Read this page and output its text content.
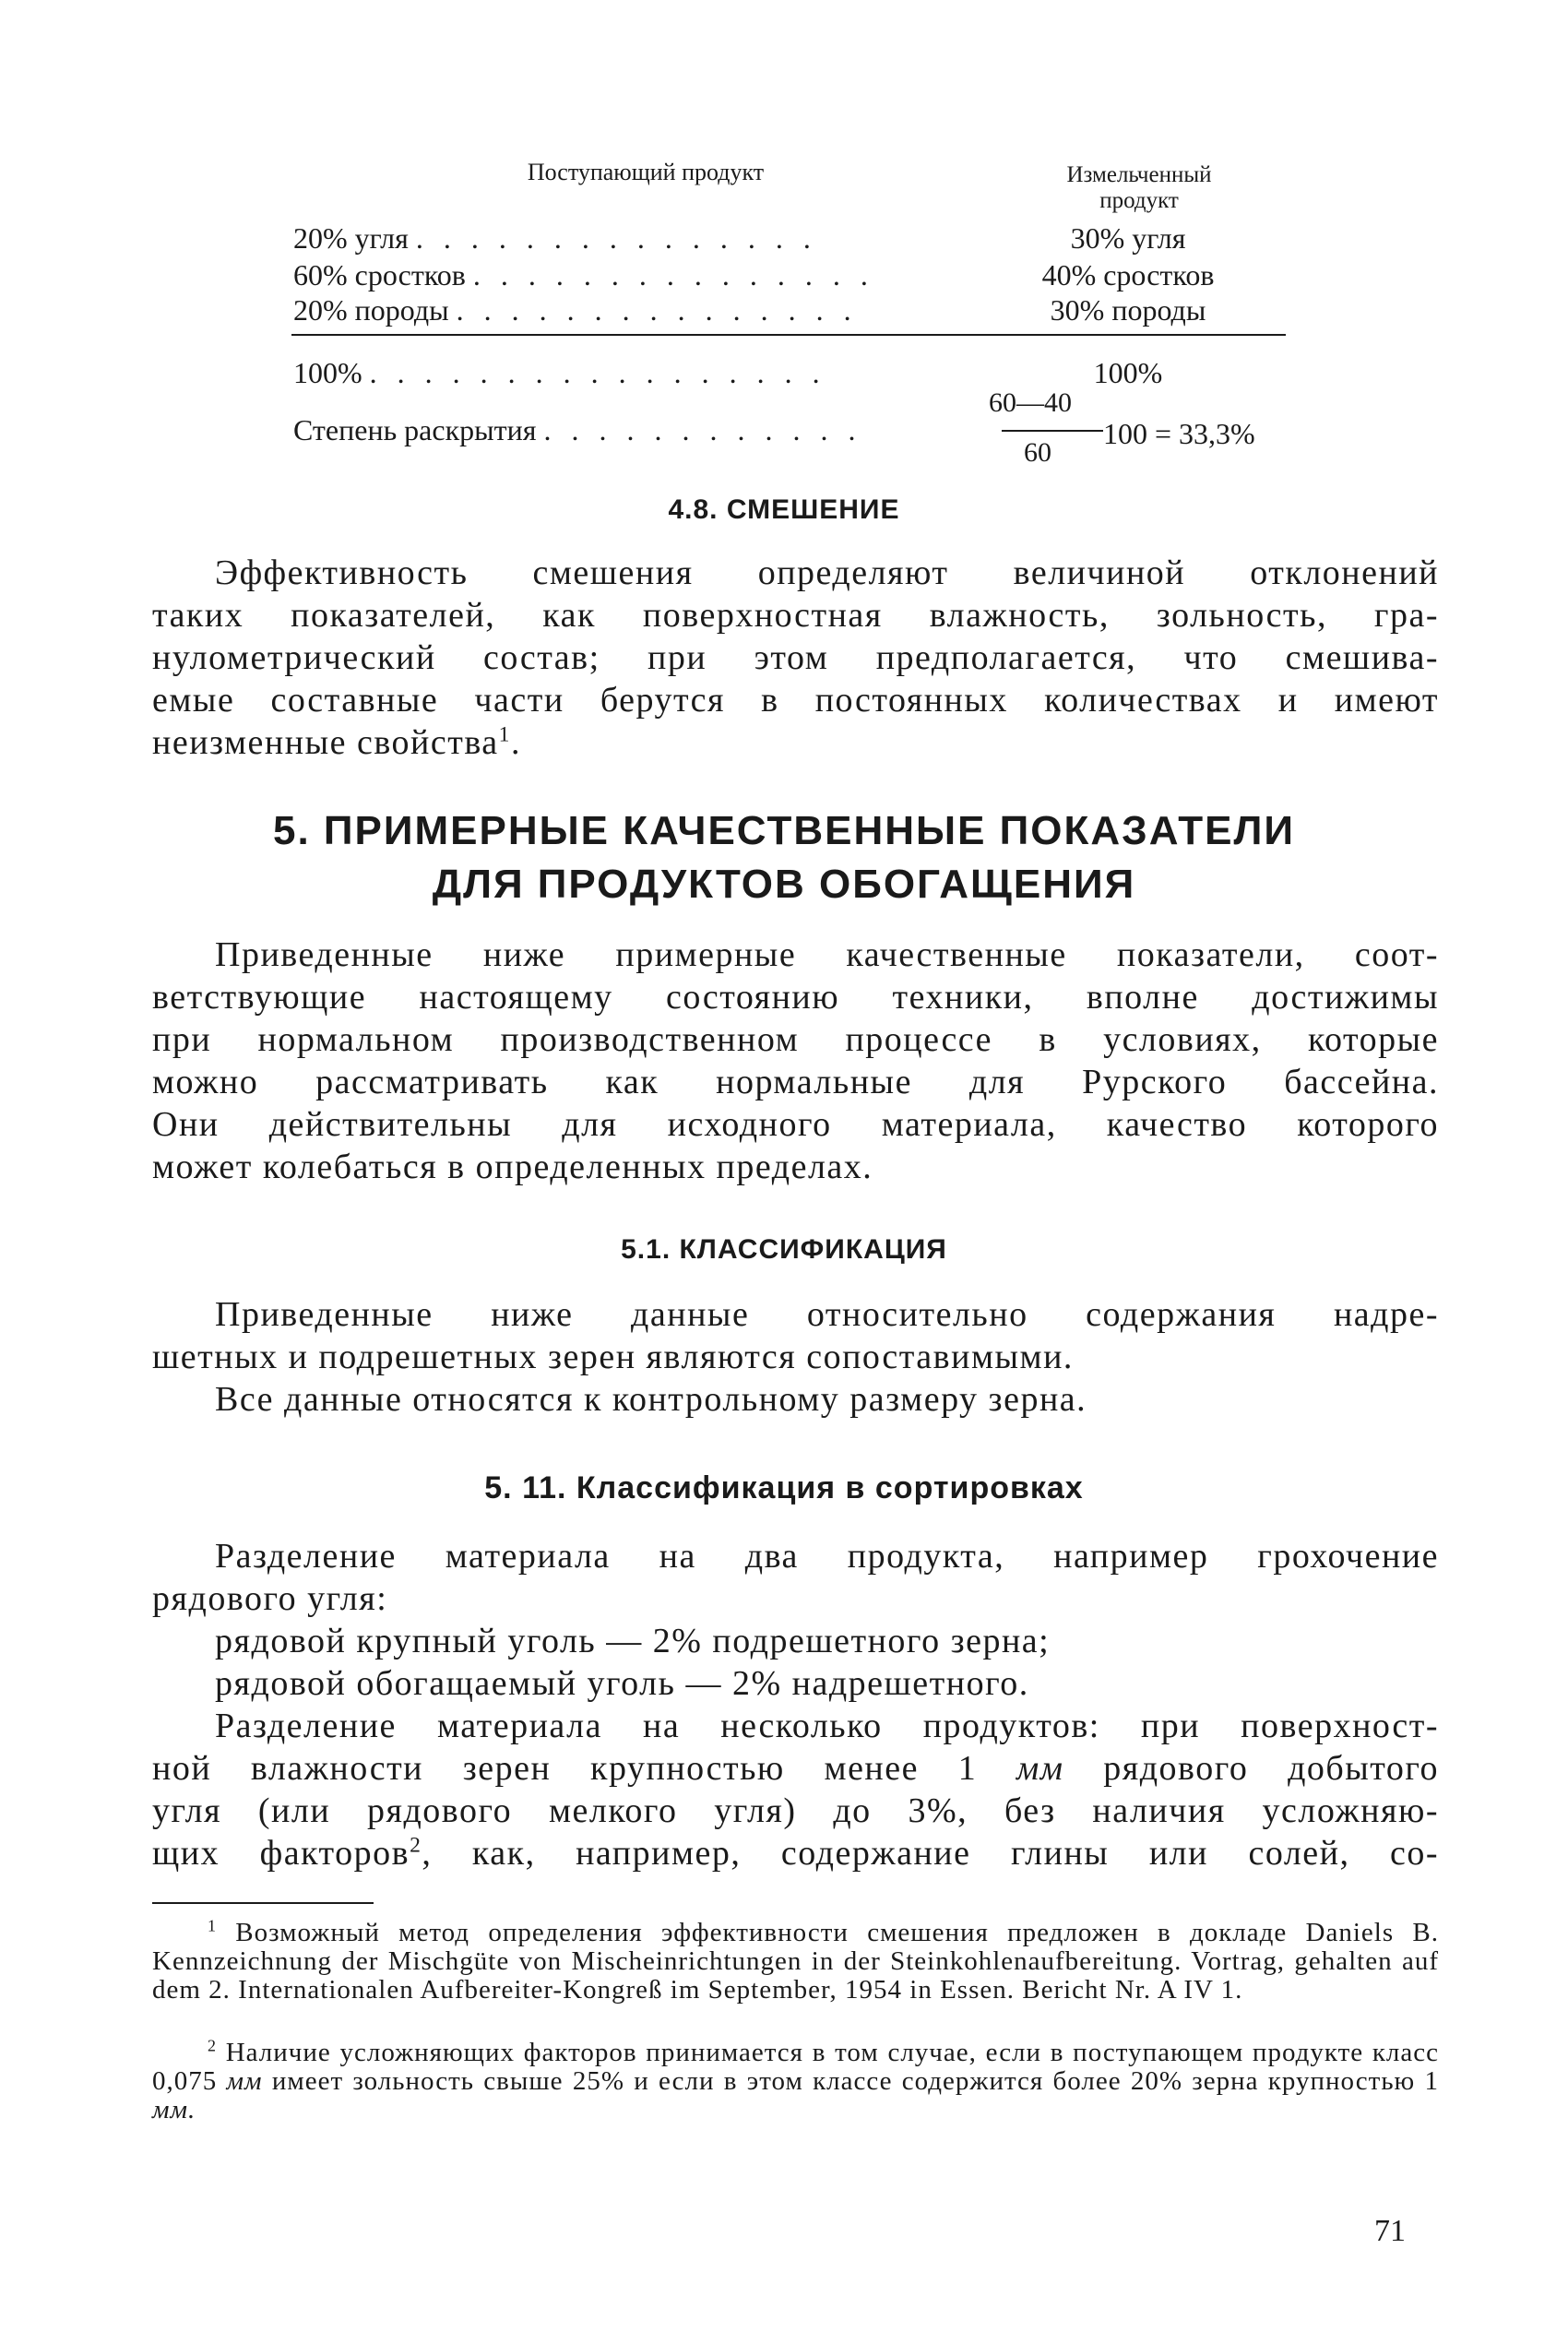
Поступающий продукт	Измельченный
продукт
20% угля . . . . . . . . . . . . . . .	30% угля
60% сростков . . . . . . . . . . . . . . .	40% сростков
20% породы . . . . . . . . . . . . . . .	30% породы
100% . . . . . . . . . . . . . . . . .	100%
Степень раскрытия . . . . . . . . . . . .
60—40
60
100 = 33,3%
4.8. СМЕШЕНИЕ

Эффективность смешения определяют величиной отклонений

таких показателей, как поверхностная влажность, зольность, гра-

нулометрический состав; при этом предполагается, что смешива-

емые составные части берутся в постоянных количествах и имеют

неизменные свойства$^1$.

5. ПРИМЕРНЫЕ КАЧЕСТВЕННЫЕ ПОКАЗАТЕЛИ
ДЛЯ ПРОДУКТОВ ОБОГАЩЕНИЯ

Приведенные ниже примерные качественные показатели, соот-

ветствующие настоящему состоянию техники, вполне достижимы

при нормальном производственном процессе в условиях, которые

можно рассматривать как нормальные для Рурского бассейна.

Они действительны для исходного материала, качество которого

может колебаться в определенных пределах.

5.1. КЛАССИФИКАЦИЯ

Приведенные ниже данные относительно содержания надре-

шетных и подрешетных зерен являются сопоставимыми.

Все данные относятся к контрольному размеру зерна.

5. 11. Классификация в сортировках

Разделение материала на два продукта, например грохочение

рядового угля:

рядовой крупный уголь — 2% подрешетного зерна;

рядовой обогащаемый уголь — 2% надрешетного.

Разделение материала на несколько продуктов: при поверхност-

ной влажности зерен крупностью менее 1 мм рядового добытого

угля (или рядового мелкого угля) до 3%, без наличия усложняю-

щих факторов$^2$, как, например, содержание глины или солей, со-

$^1$ Возможный метод определения эффективности смешения предложен в докладе Daniels B. Kennzeichnung der Mischgüte von Mischeinrichtungen in der Steinkohlenaufbereitung. Vortrag, gehalten auf dem 2. Internationalen Aufbereiter-Kongreß im September, 1954 in Essen. Bericht Nr. A IV 1.

$^2$ Наличие усложняющих факторов принимается в том случае, если в поступающем продукте класс 0,075 мм имеет зольность свыше 25% и если в этом классе содержится более 20% зерна крупностью 1 мм.

71
